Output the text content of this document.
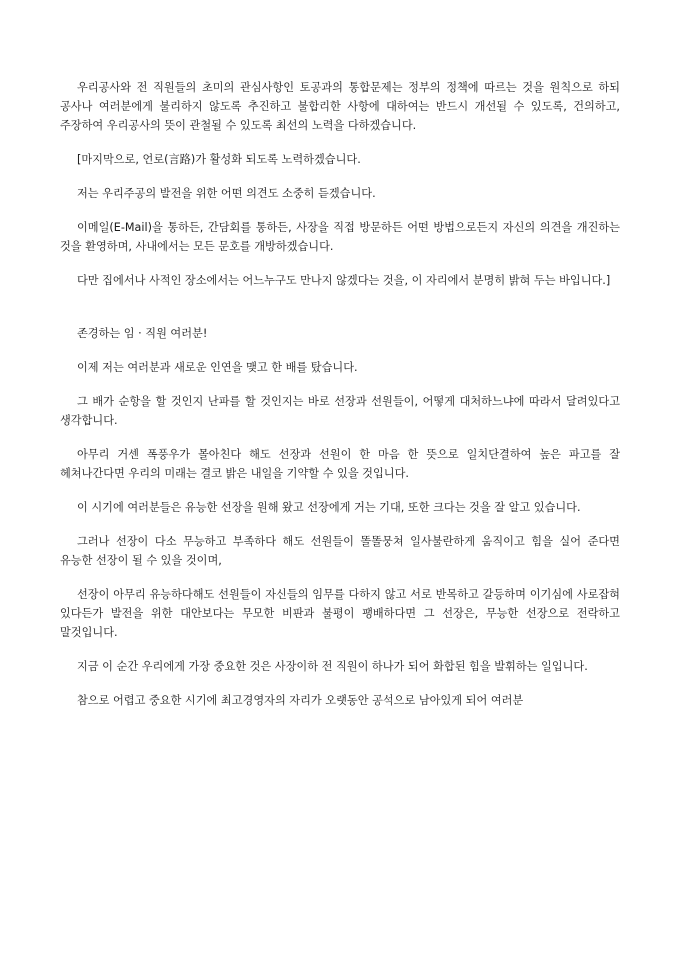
우리공사와 전 직원들의 초미의 관심사항인 토공과의 통합문제는 정부의 정책에 따르는 것을 원칙으로 하되 공사나 여러분에게 불리하지 않도록 추진하고 불합리한 사항에 대하여는 반드시 개선될 수 있도록, 건의하고, 주장하여 우리공사의 뜻이 관철될 수 있도록 최선의 노력을 다하겠습니다.

[마지막으로, 언로(言路)가 활성화 되도록 노력하겠습니다.

저는 우리주공의 발전을 위한 어떤 의견도 소중히 듣겠습니다.

이메일(E-Mail)을 통하든, 간담회를 통하든, 사장을 직접 방문하든 어떤 방법으로든지 자신의 의견을 개진하는 것을 환영하며, 사내에서는 모든 문호를 개방하겠습니다.

다만 집에서나 사적인 장소에서는 어느누구도 만나지 않겠다는 것을, 이 자리에서 분명히 밝혀 두는 바입니다.]

존경하는 임 · 직원 여러분!

이제 저는 여러분과 새로운 인연을 맺고 한 배를 탔습니다.

그 배가 순항을 할 것인지 난파를 할 것인지는 바로 선장과 선원들이, 어떻게 대처하느냐에 따라서 달려있다고 생각합니다.

아무리 거센 폭풍우가 몰아친다 해도 선장과 선원이 한 마음 한 뜻으로 일치단결하여 높은 파고를 잘 헤쳐나간다면 우리의 미래는 결코 밝은 내일을 기약할 수 있을 것입니다.

이 시기에 여러분들은 유능한 선장을 원해 왔고 선장에게 거는 기대, 또한 크다는 것을 잘 알고 있습니다.

그러나 선장이 다소 무능하고 부족하다 해도 선원들이 똘똘뭉쳐 일사불란하게 움직이고 힘을 실어 준다면 유능한 선장이 될 수 있을 것이며,

선장이 아무리 유능하다해도 선원들이 자신들의 임무를 다하지 않고 서로 반목하고 갈등하며 이기심에 사로잡혀 있다든가 발전을 위한 대안보다는 무모한 비판과 불평이 팽배하다면 그 선장은, 무능한 선장으로 전락하고 말것입니다.

지금 이 순간 우리에게 가장 중요한 것은 사장이하 전 직원이 하나가 되어 화합된 힘을 발휘하는 일입니다.

참으로 어렵고 중요한 시기에 최고경영자의 자리가 오랫동안 공석으로 남아있게 되어 여러분
